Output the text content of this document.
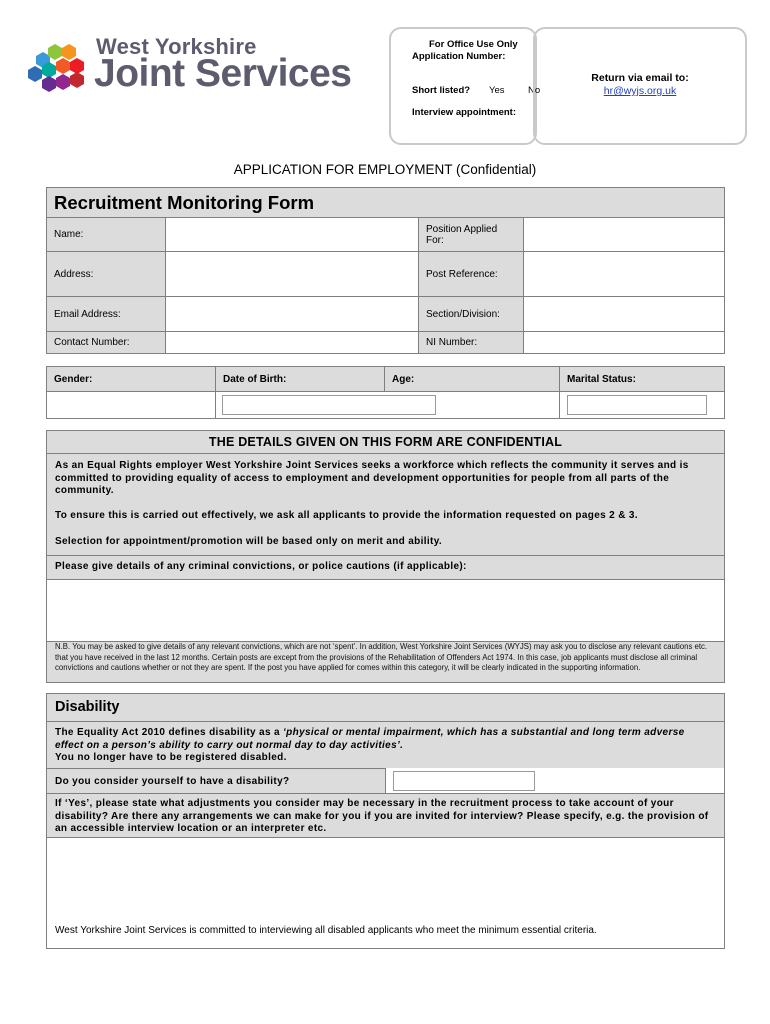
West Yorkshire
Joint Services
For Office Use Only
Application Number:
Short listed? Yes No
Interview appointment:
Return via email to:
hr@wyjs.org.uk
APPLICATION FOR EMPLOYMENT (Confidential)
Recruitment Monitoring Form			
Name:		Position Applied For:	
Address:		Post Reference:	
Email Address:		Section/Division:	
Contact Number:		NI Number:	
Gender:	Date of Birth:	Age:	Marital Status:

THE DETAILS GIVEN ON THIS FORM ARE CONFIDENTIAL
As an Equal Rights employer West Yorkshire Joint Services seeks a workforce which reflects the community it serves and is committed to providing equality of access to employment and development opportunities for people from all parts of the community.
To ensure this is carried out effectively, we ask all applicants to provide the information requested on pages 2 & 3.
Selection for appointment/promotion will be based only on merit and ability.
Please give details of any criminal convictions, or police cautions (if applicable):
N.B. You may be asked to give details of any relevant convictions, which are not ‘spent’. In addition, West Yorkshire Joint Services (WYJS) may ask you to disclose any relevant cautions etc. that you have received in the last 12 months. Certain posts are except from the provisions of the Rehabilitation of Offenders Act 1974. In this case, job applicants must disclose all criminal convictions and cautions whether or not they are spent. If the post you have applied for comes within this category, it will be clearly indicated in the supporting information.
Disability
The Equality Act 2010 defines disability as a ‘physical or mental impairment, which has a substantial and long term adverse effect on a person’s ability to carry out normal day to day activities’.
You no longer have to be registered disabled.
Do you consider yourself to have a disability?
If ‘Yes’, please state what adjustments you consider may be necessary in the recruitment process to take account of your disability? Are there any arrangements we can make for you if you are invited for interview? Please specify, e.g. the provision of an accessible interview location or an interpreter etc.
West Yorkshire Joint Services is committed to interviewing all disabled applicants who meet the minimum essential criteria.
